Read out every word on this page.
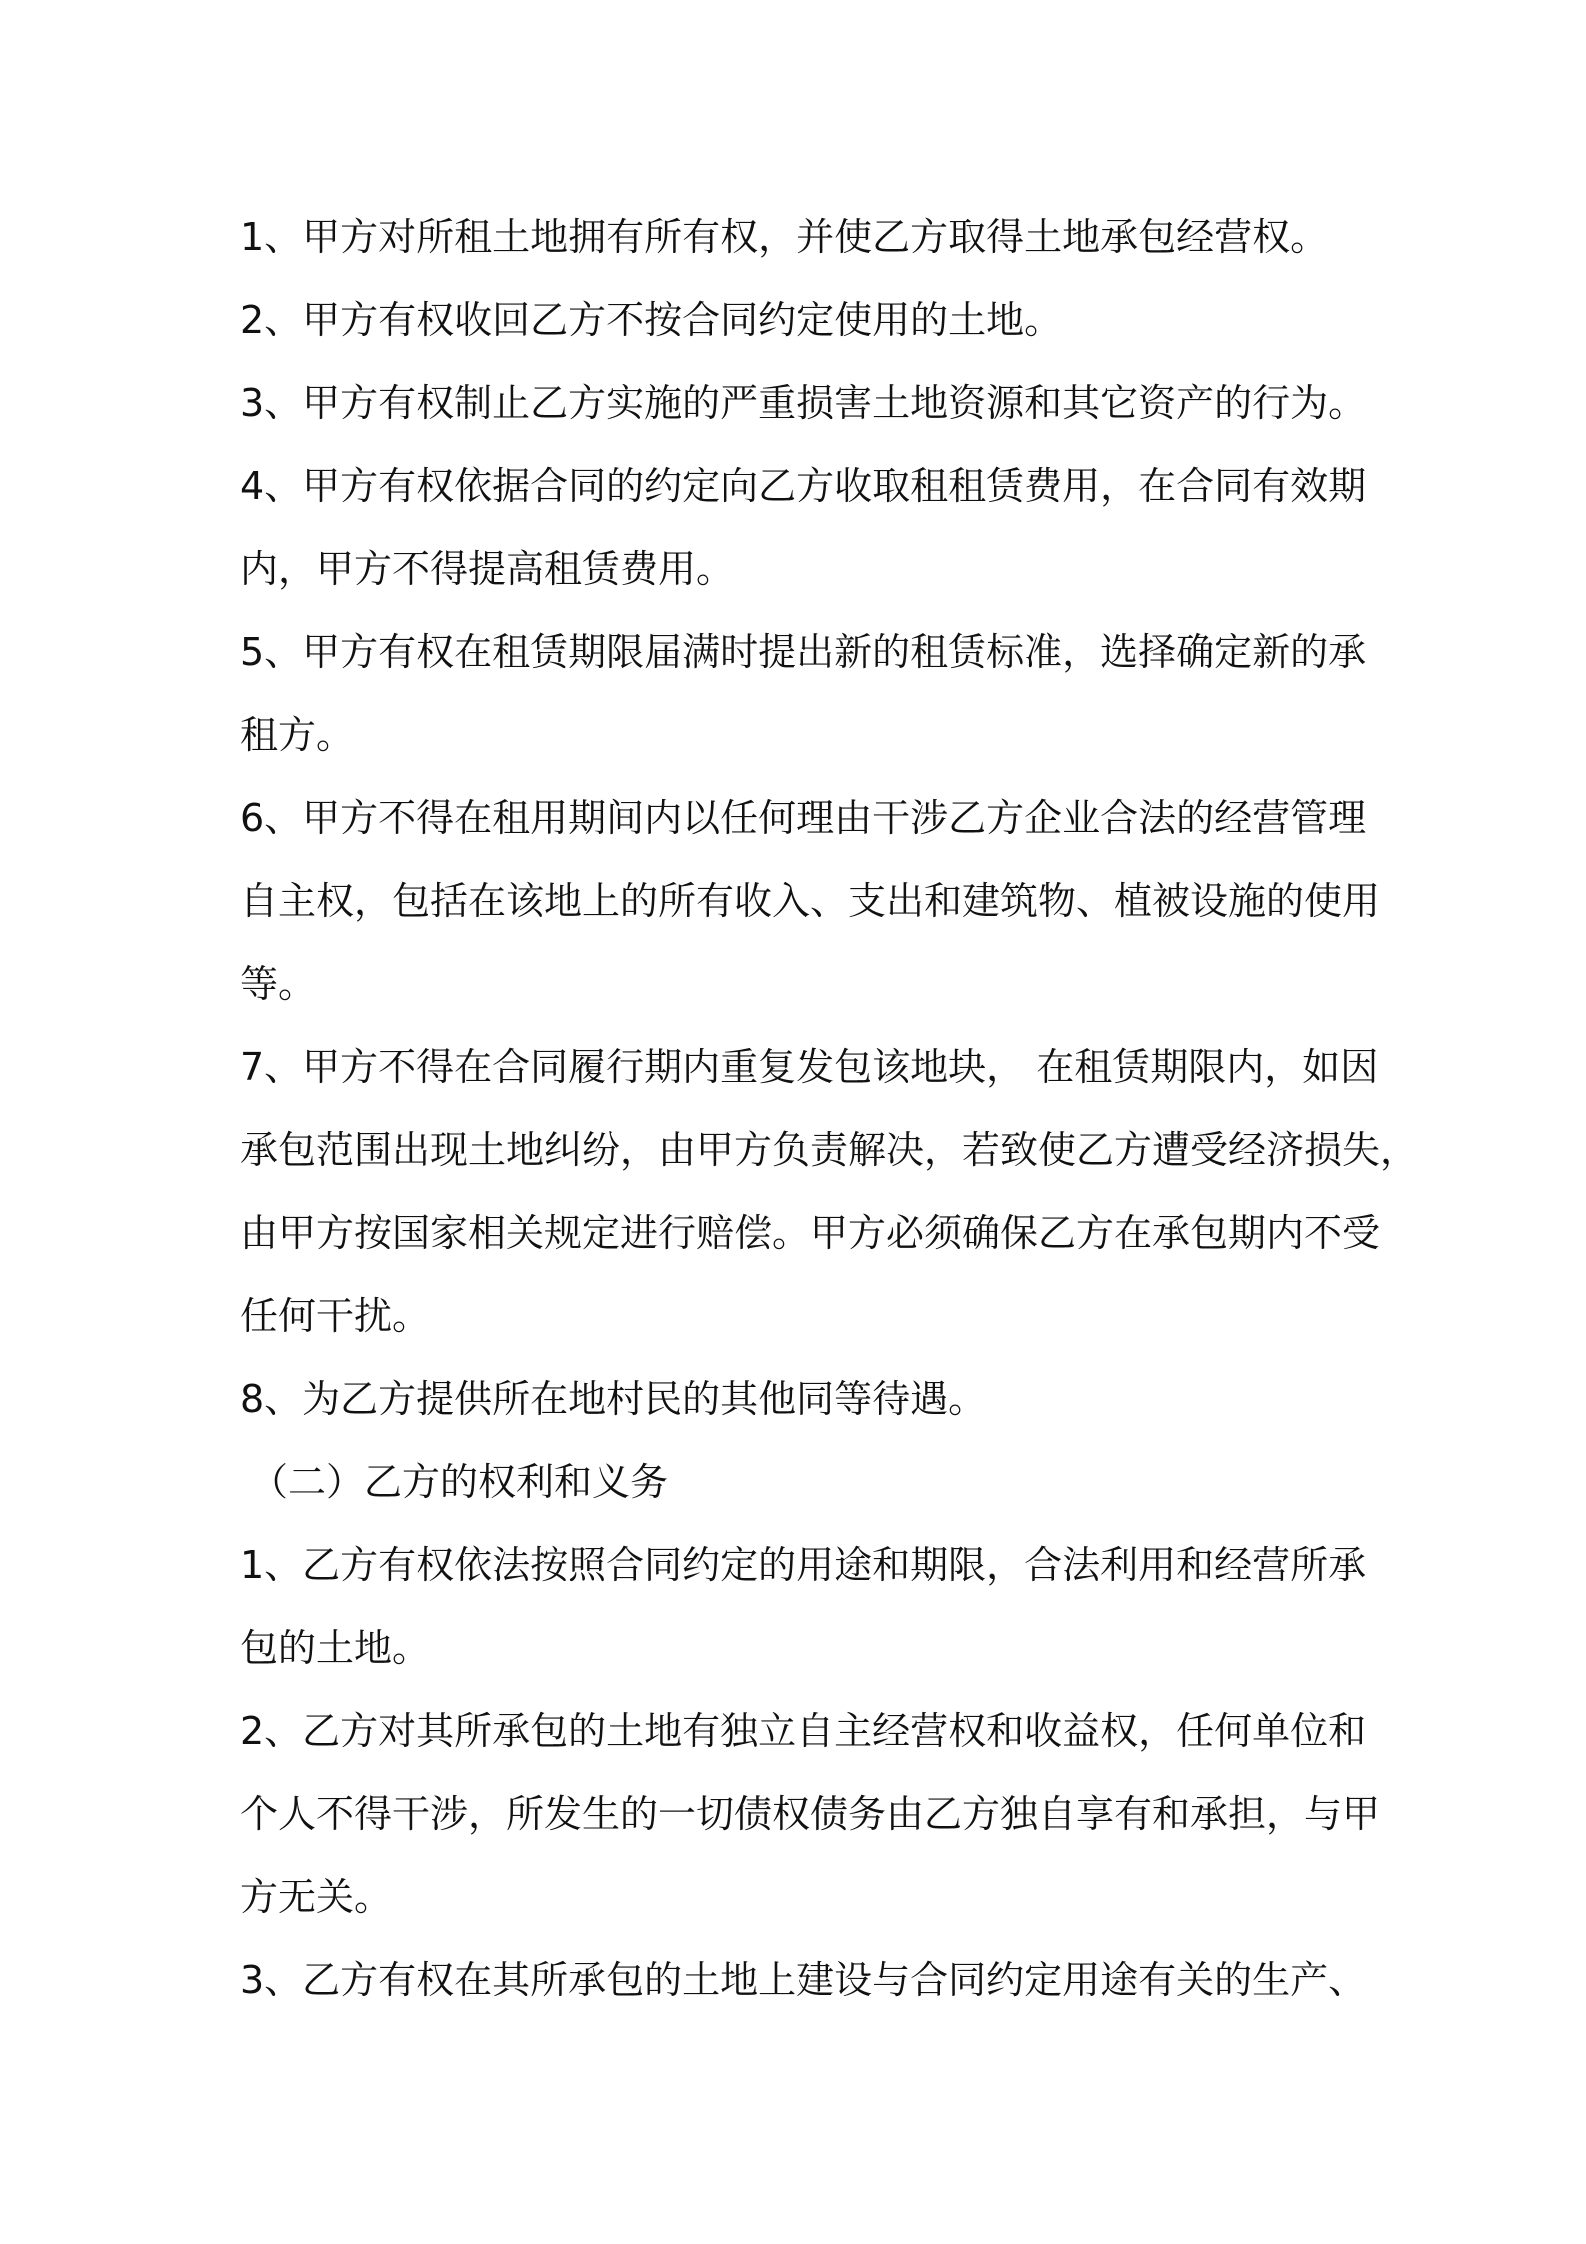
1、甲方对所租土地拥有所有权，并使乙方取得土地承包经营权。
2、甲方有权收回乙方不按合同约定使用的土地。
3、甲方有权制止乙方实施的严重损害土地资源和其它资产的行为。
4、甲方有权依据合同的约定向乙方收取租租赁费用，在合同有效期
内，甲方不得提高租赁费用。
5、甲方有权在租赁期限届满时提出新的租赁标准，选择确定新的承
租方。
6、甲方不得在租用期间内以任何理由干涉乙方企业合法的经营管理
自主权，包括在该地上的所有收入、支出和建筑物、植被设施的使用
等。
7、甲方不得在合同履行期内重复发包该地块， 在租赁期限内，如因
承包范围出现土地纠纷，由甲方负责解决，若致使乙方遭受经济损失，
由甲方按国家相关规定进行赔偿。甲方必须确保乙方在承包期内不受
任何干扰。
8、为乙方提供所在地村民的其他同等待遇。
（二）乙方的权利和义务
1、乙方有权依法按照合同约定的用途和期限，合法利用和经营所承
包的土地。
2、乙方对其所承包的土地有独立自主经营权和收益权，任何单位和
个人不得干涉，所发生的一切债权债务由乙方独自享有和承担，与甲
方无关。
3、乙方有权在其所承包的土地上建设与合同约定用途有关的生产、
